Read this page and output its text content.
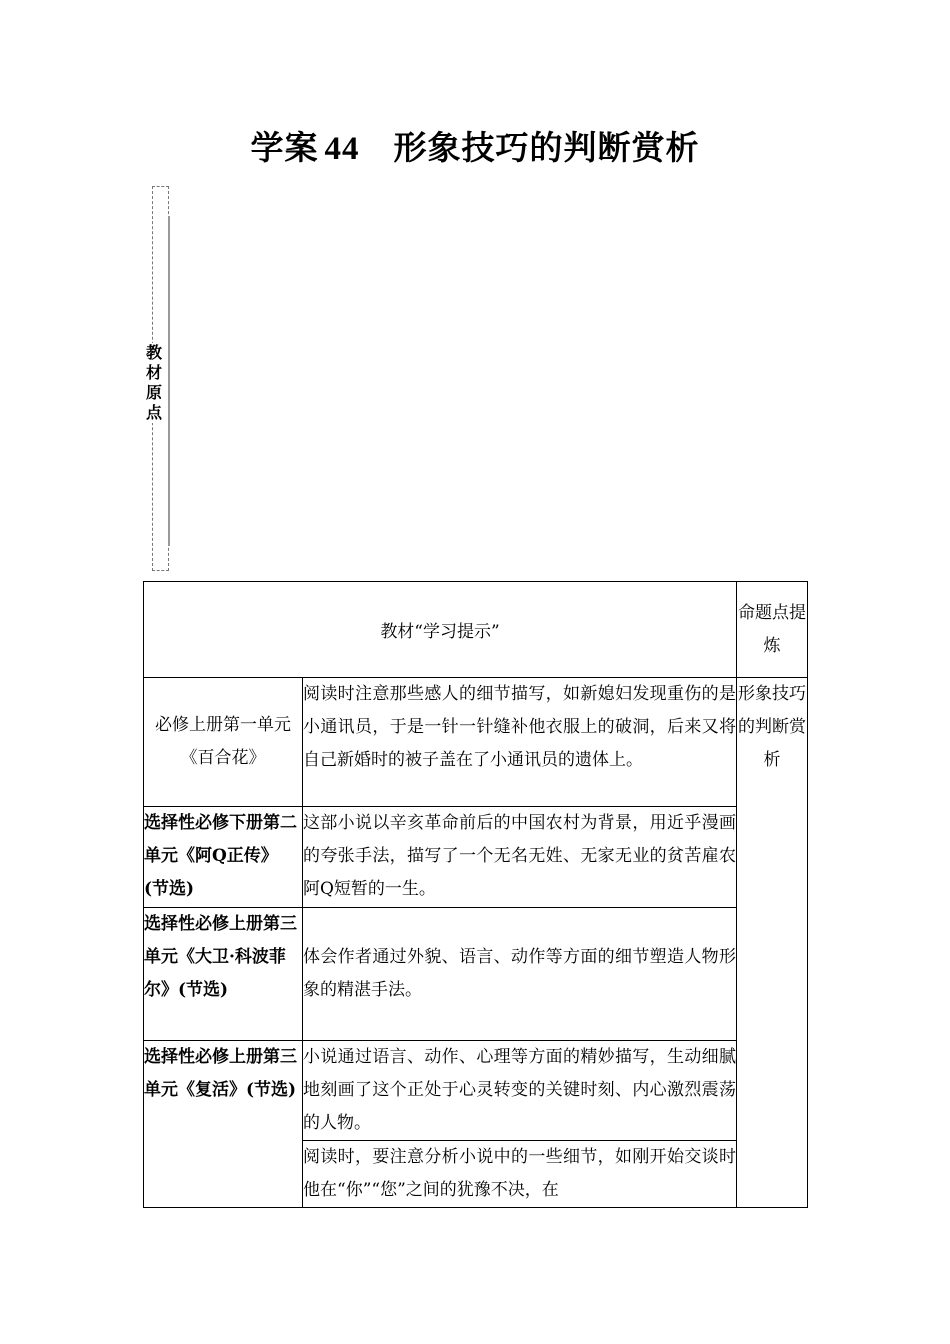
学案 44 形象技巧的判断赏析
教材原点
教材“学习提示”		命题点提炼
必修上册第一单元《百合花》	阅读时注意那些感人的细节描写，如新媳妇发现重伤的是小通讯员，于是一针一针缝补他衣服上的破洞，后来又将自己新婚时的被子盖在了小通讯员的遗体上。	形象技巧的判断赏析
选择性必修下册第二单元《阿Q正传》(节选)	这部小说以辛亥革命前后的中国农村为背景，用近乎漫画的夸张手法，描写了一个无名无姓、无家无业的贫苦雇农阿Q短暂的一生。	
选择性必修上册第三单元《大卫·科波菲尔》(节选)	体会作者通过外貌、语言、动作等方面的细节塑造人物形象的精湛手法。	
选择性必修上册第三单元《复活》(节选)	小说通过语言、动作、心理等方面的精妙描写，生动细腻地刻画了这个正处于心灵转变的关键时刻、内心激烈震荡的人物。	
	阅读时，要注意分析小说中的一些细节，如刚开始交谈时他在“你”“您”之间的犹豫不决，在	
